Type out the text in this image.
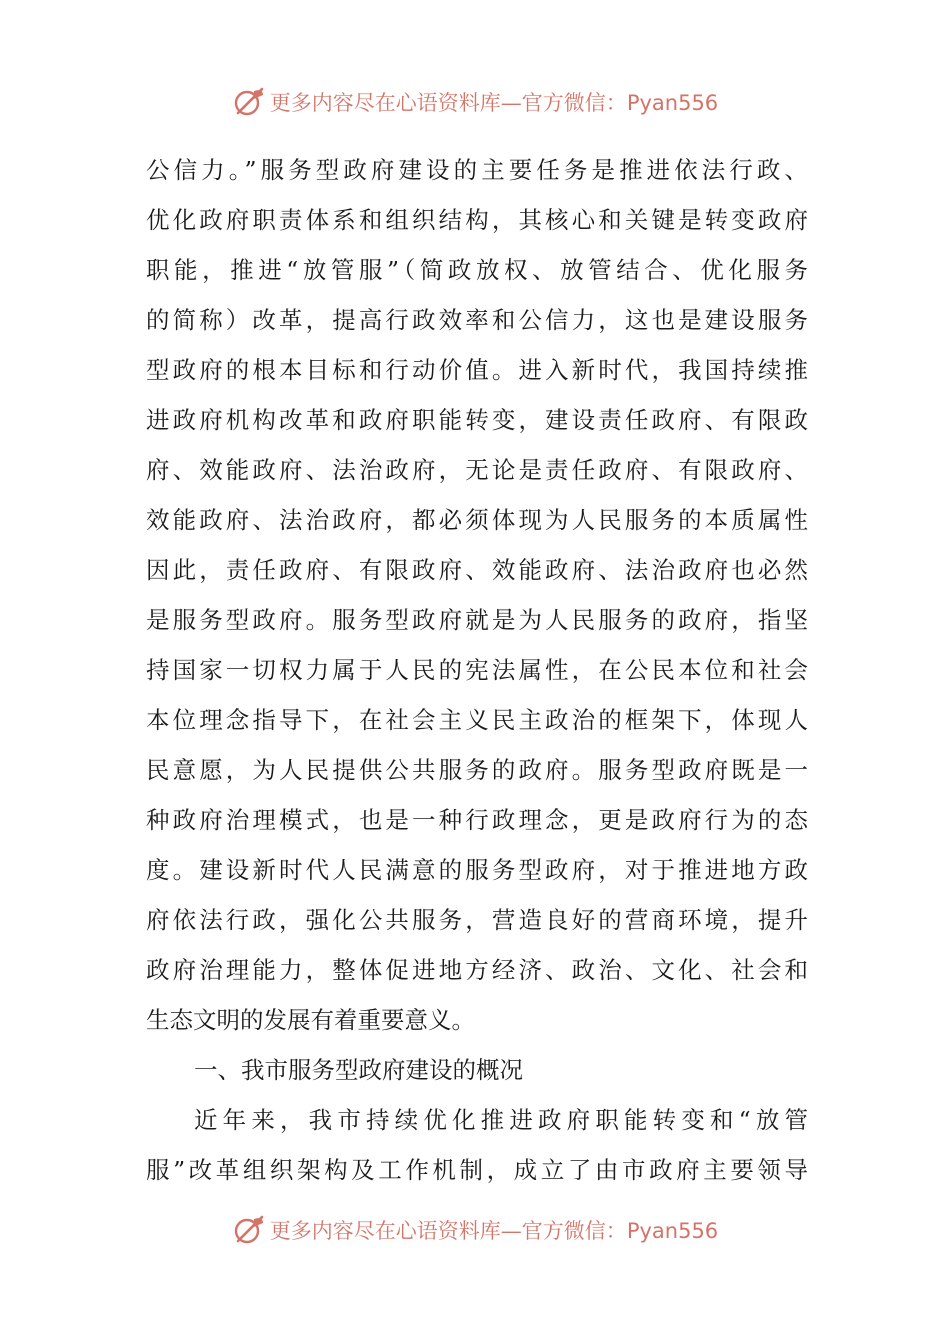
更多内容尽在心语资料库—官方微信：Pyan556
公信力。”服务型政府建设的主要任务是推进依法行政、
优化政府职责体系和组织结构，其核心和关键是转变政府
职能，推进“放管服”（简政放权、放管结合、优化服务
的简称）改革，提高行政效率和公信力，这也是建设服务
型政府的根本目标和行动价值。进入新时代，我国持续推
进政府机构改革和政府职能转变，建设责任政府、有限政
府、效能政府、法治政府，无论是责任政府、有限政府、
效能政府、法治政府，都必须体现为人民服务的本质属性
因此，责任政府、有限政府、效能政府、法治政府也必然
是服务型政府。服务型政府就是为人民服务的政府，指坚
持国家一切权力属于人民的宪法属性，在公民本位和社会
本位理念指导下，在社会主义民主政治的框架下，体现人
民意愿，为人民提供公共服务的政府。服务型政府既是一
种政府治理模式，也是一种行政理念，更是政府行为的态
度。建设新时代人民满意的服务型政府，对于推进地方政
府依法行政，强化公共服务，营造良好的营商环境，提升
政府治理能力，整体促进地方经济、政治、文化、社会和
生态文明的发展有着重要意义。
一、我市服务型政府建设的概况
近年来，我市持续优化推进政府职能转变和“放管
服”改革组织架构及工作机制，成立了由市政府主要领导
更多内容尽在心语资料库—官方微信：Pyan556
